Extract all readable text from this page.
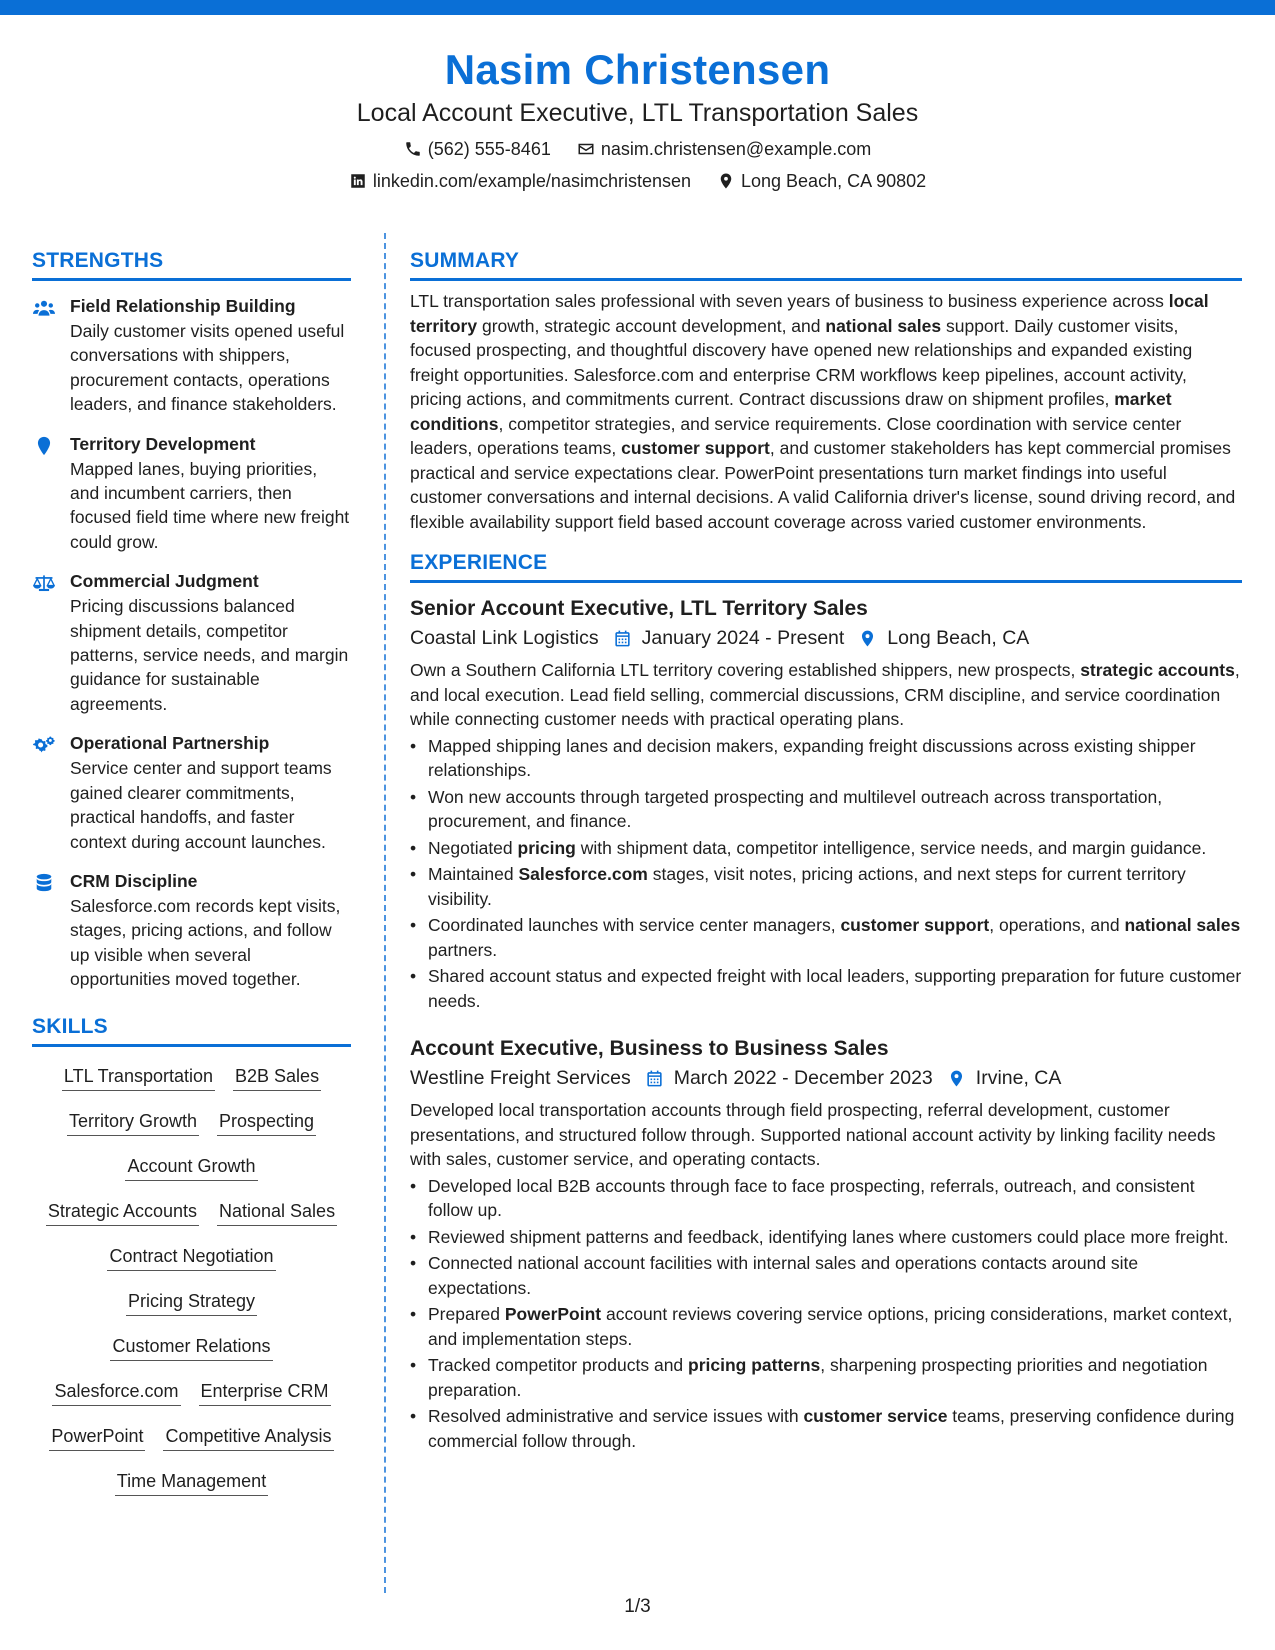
Nasim Christensen
Local Account Executive, LTL Transportation Sales
(562) 555-8461	nasim.christensen@example.com
linkedin.com/example/nasimchristensen	Long Beach, CA 90802
STRENGTHS
Field Relationship Building
Daily customer visits opened useful conversations with shippers, procurement contacts, operations leaders, and finance stakeholders.
Territory Development
Mapped lanes, buying priorities, and incumbent carriers, then focused field time where new freight could grow.
Commercial Judgment
Pricing discussions balanced shipment details, competitor patterns, service needs, and margin guidance for sustainable agreements.
Operational Partnership
Service center and support teams gained clearer commitments, practical handoffs, and faster context during account launches.
CRM Discipline
Salesforce.com records kept visits, stages, pricing actions, and follow up visible when several opportunities moved together.
SKILLS
LTL Transportation B2B Sales
Territory Growth Prospecting
Account Growth
Strategic Accounts National Sales
Contract Negotiation
Pricing Strategy
Customer Relations
Salesforce.com Enterprise CRM
PowerPoint Competitive Analysis
Time Management
SUMMARY
LTL transportation sales professional with seven years of business to business experience across local territory growth, strategic account development, and national sales support. Daily customer visits, focused prospecting, and thoughtful discovery have opened new relationships and expanded existing freight opportunities. Salesforce.com and enterprise CRM workflows keep pipelines, account activity, pricing actions, and commitments current. Contract discussions draw on shipment profiles, market conditions, competitor strategies, and service requirements. Close coordination with service center leaders, operations teams, customer support, and customer stakeholders has kept commercial promises practical and service expectations clear. PowerPoint presentations turn market findings into useful customer conversations and internal decisions. A valid California driver's license, sound driving record, and flexible availability support field based account coverage across varied customer environments.
EXPERIENCE
Senior Account Executive, LTL Territory Sales
Coastal Link Logistics January 2024 - Present Long Beach, CA
Own a Southern California LTL territory covering established shippers, new prospects, strategic accounts, and local execution. Lead field selling, commercial discussions, CRM discipline, and service coordination while connecting customer needs with practical operating plans.
• Mapped shipping lanes and decision makers, expanding freight discussions across existing shipper relationships.
• Won new accounts through targeted prospecting and multilevel outreach across transportation, procurement, and finance.
• Negotiated pricing with shipment data, competitor intelligence, service needs, and margin guidance.
• Maintained Salesforce.com stages, visit notes, pricing actions, and next steps for current territory visibility.
• Coordinated launches with service center managers, customer support, operations, and national sales partners.
• Shared account status and expected freight with local leaders, supporting preparation for future customer needs.
Account Executive, Business to Business Sales
Westline Freight Services March 2022 - December 2023 Irvine, CA
Developed local transportation accounts through field prospecting, referral development, customer presentations, and structured follow through. Supported national account activity by linking facility needs with sales, customer service, and operating contacts.
• Developed local B2B accounts through face to face prospecting, referrals, outreach, and consistent follow up.
• Reviewed shipment patterns and feedback, identifying lanes where customers could place more freight.
• Connected national account facilities with internal sales and operations contacts around site expectations.
• Prepared PowerPoint account reviews covering service options, pricing considerations, market context, and implementation steps.
• Tracked competitor products and pricing patterns, sharpening prospecting priorities and negotiation preparation.
• Resolved administrative and service issues with customer service teams, preserving confidence during commercial follow through.
1/3
